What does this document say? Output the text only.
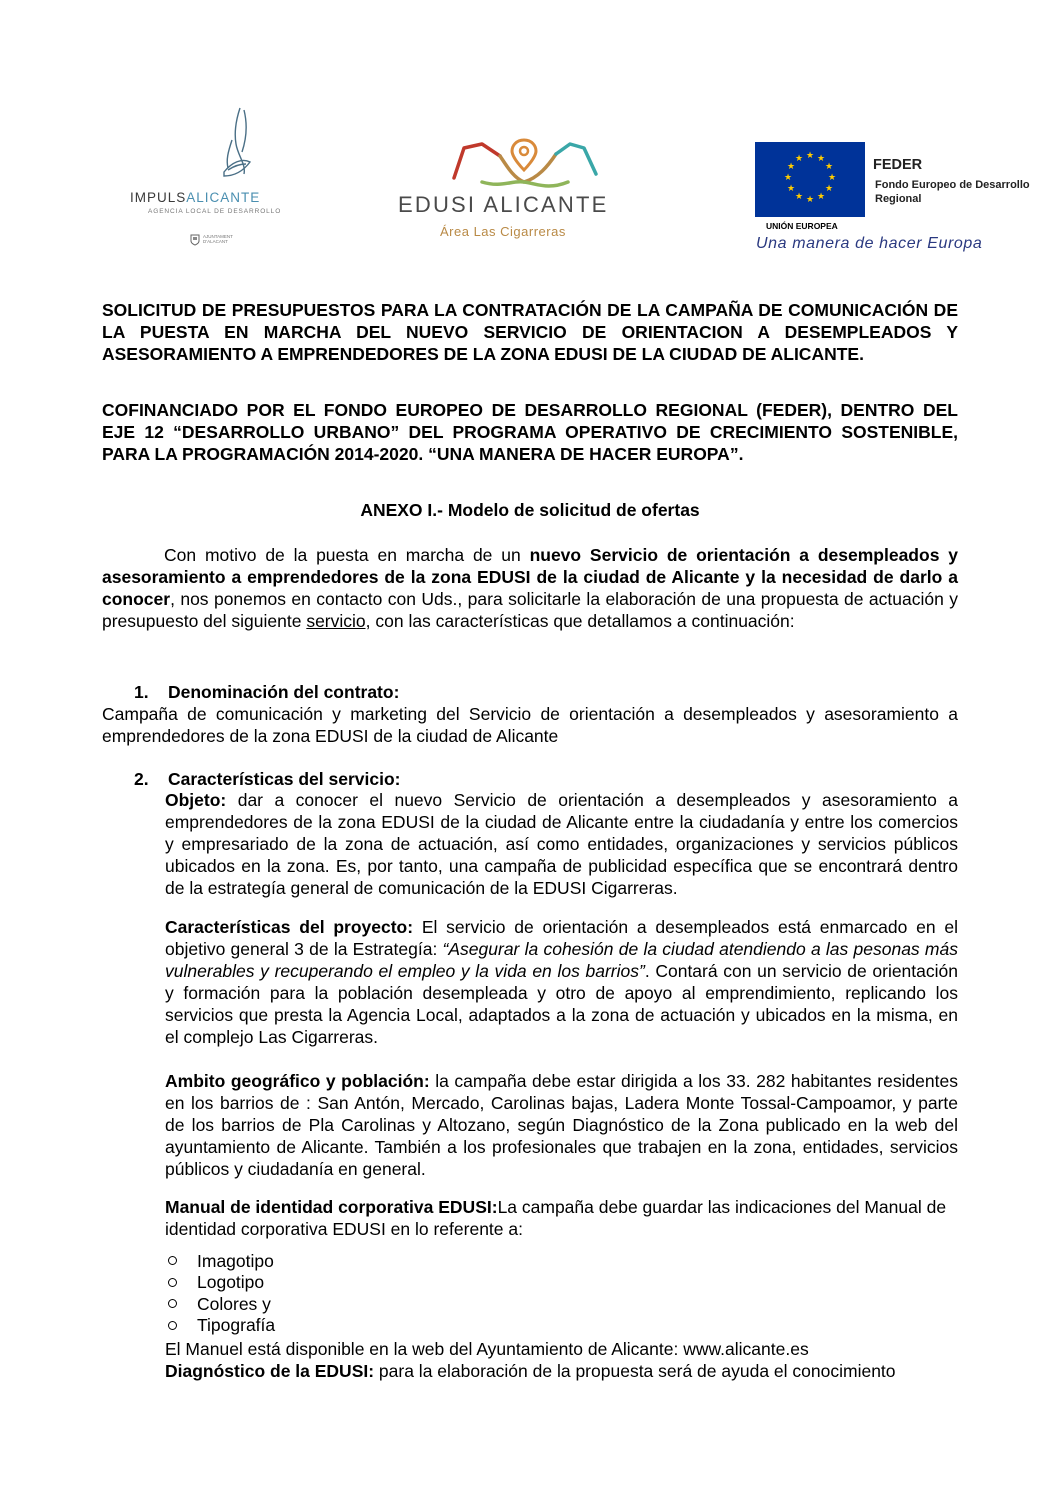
IMPULSALICANTE
AGENCIA LOCAL DE DESARROLLO
AJUNTAMENT D'ALACANT
EDUSI ALICANTE
Área Las Cigarreras
★ ★
★
★
★
★
★
★
★
★
★
★
UNIÓN EUROPEA
FEDER
Fondo Europeo de Desarrollo Regional
Una manera de hacer Europa

SOLICITUD DE PRESUPUESTOS PARA LA CONTRATACIÓN DE LA CAMPAÑA DE COMUNICACIÓN DE LA PUESTA EN MARCHA DEL NUEVO SERVICIO DE ORIENTACION A DESEMPLEADOS Y ASESORAMIENTO A EMPRENDEDORES DE LA ZONA EDUSI DE LA CIUDAD DE ALICANTE.

COFINANCIADO POR EL FONDO EUROPEO DE DESARROLLO REGIONAL (FEDER), DENTRO DEL EJE 12 “DESARROLLO URBANO” DEL PROGRAMA OPERATIVO DE CRECIMIENTO SOSTENIBLE, PARA LA PROGRAMACIÓN 2014-2020. “UNA MANERA DE HACER EUROPA”.

ANEXO I.- Modelo de solicitud de ofertas

Con motivo de la puesta en marcha de un nuevo Servicio de orientación a desempleados y asesoramiento a emprendedores de la zona EDUSI de la ciudad de Alicante y la necesidad de darlo a conocer, nos ponemos en contacto con Uds., para solicitarle la elaboración de una propuesta de actuación y presupuesto del siguiente servicio, con las características que detallamos a continuación:

1. Denominación del contrato:

Campaña de comunicación y marketing del Servicio de orientación a desempleados y asesoramiento a emprendedores de la zona EDUSI de la ciudad de Alicante

2. Características del servicio:

Objeto: dar a conocer el nuevo Servicio de orientación a desempleados y asesoramiento a emprendedores de la zona EDUSI de la ciudad de Alicante entre la ciudadanía y entre los comercios y empresariado de la zona de actuación, así como entidades, organizaciones y servicios públicos ubicados en la zona. Es, por tanto, una campaña de publicidad específica que se encontrará dentro de la estrategía general de comunicación de la EDUSI Cigarreras.

Características del proyecto: El servicio de orientación a desempleados está enmarcado en el objetivo general 3 de la Estrategía: “Asegurar la cohesión de la ciudad atendiendo a las pesonas más vulnerables y recuperando el empleo y la vida en los barrios”. Contará con un servicio de orientación y formación para la población desempleada y otro de apoyo al emprendimiento, replicando los servicios que presta la Agencia Local, adaptados a la zona de actuación y ubicados en la misma, en el complejo Las Cigarreras.

Ambito geográfico y población: la campaña debe estar dirigida a los 33. 282 habitantes residentes en los barrios de : San Antón, Mercado, Carolinas bajas, Ladera Monte Tossal-Campoamor, y parte de los barrios de Pla Carolinas y Altozano, según Diagnóstico de la Zona publicado en la web del ayuntamiento de Alicante. También a los profesionales que trabajen en la zona, entidades, servicios públicos y ciudadanía en general.

Manual de identidad corporativa EDUSI:La campaña debe guardar las indicaciones del Manual de identidad corporativa EDUSI en lo referente a:

Imagotipo
Logotipo
Colores y
Tipografía

El Manuel está disponible en la web del Ayuntamiento de Alicante: www.alicante.es

Diagnóstico de la EDUSI: para la elaboración de la propuesta será de ayuda el conocimiento
